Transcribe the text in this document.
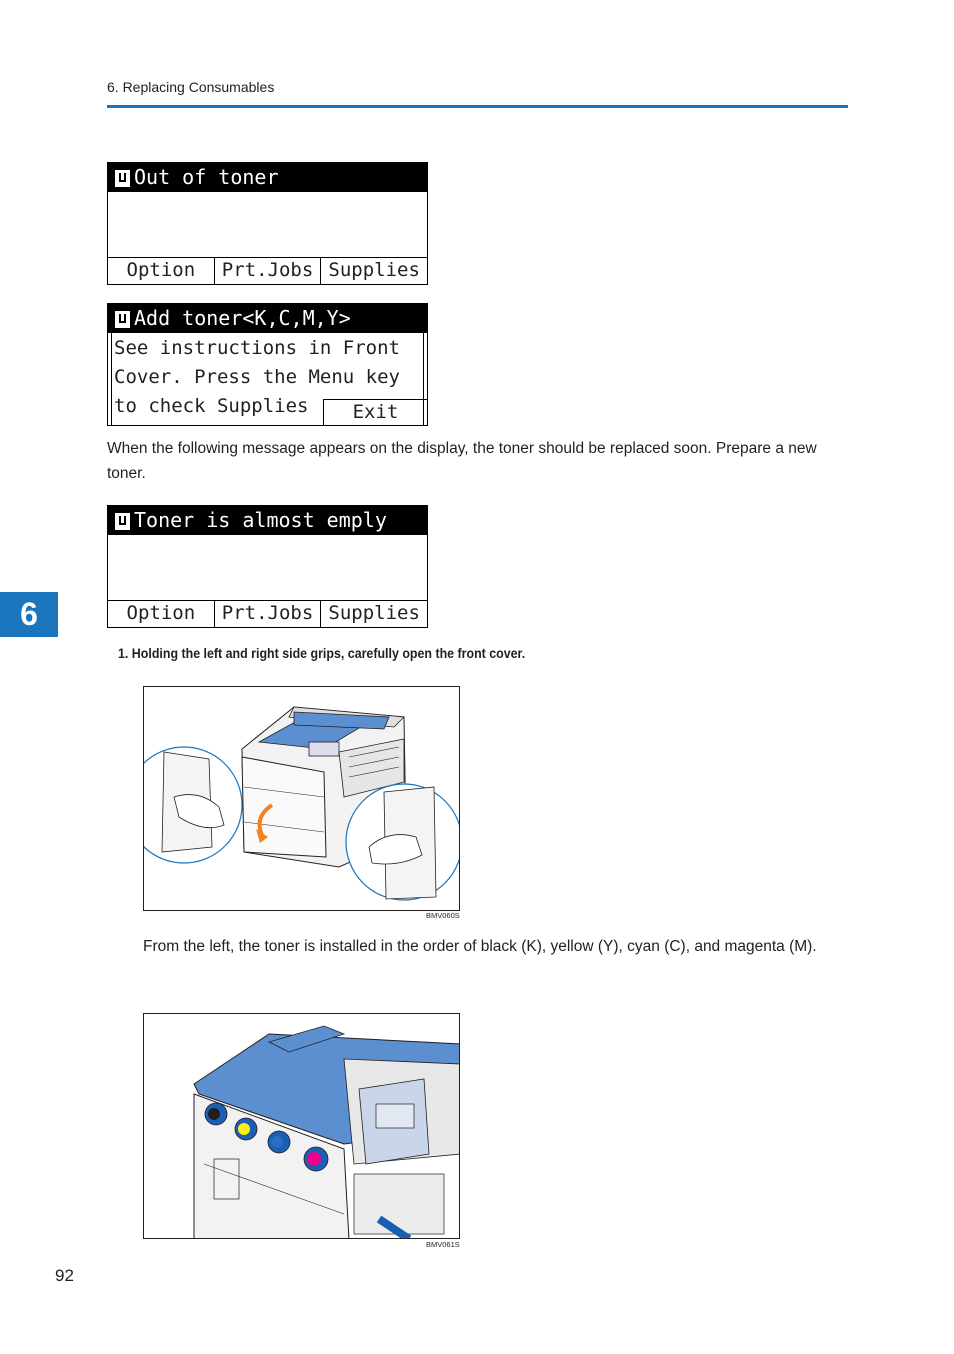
6. Replacing Consumables
Out of toner
Option	Prt.Jobs Supplies
Add toner<K,C,M,Y>
See instructions in Front
Cover. Press the Menu key
to check Supplies	Exit
When the following message appears on the display, the toner should be replaced soon. Prepare a new toner.
Toner is almost emply
Option	Prt.Jobs Supplies
6
1. Holding the left and right side grips, carefully open the front cover.
BMV060S
From the left, the toner is installed in the order of black (K), yellow (Y), cyan (C), and magenta (M).
BMV061S
92
